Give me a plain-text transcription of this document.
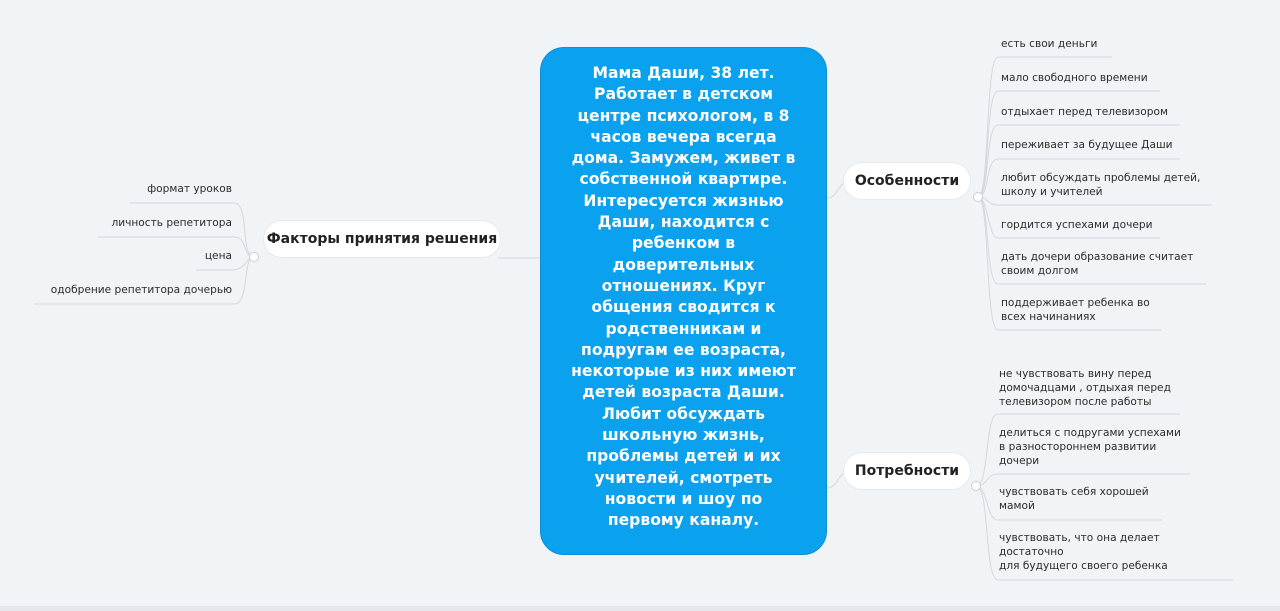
Мама Даши, 38 лет.
Работает в детском
центре психологом, в 8
часов вечера всегда
дома. Замужем, живет в
собственной квартире.
Интересуется жизнью
Даши, находится с
ребенком в
доверительных
отношениях. Круг
общения сводится к
родственникам и
подругам ее возраста,
некоторые из них имеют
детей возраста Даши.
Любит обсуждать
школьную жизнь,
проблемы детей и их
учителей, смотреть
новости и шоу по
первому каналу.
Факторы принятия решения
Особенности
Потребности
формат уроков
личность репетитора
цена
одобрение репетитора дочерью
есть свои деньги
мало свободного времени
отдыхает перед телевизором
переживает за будущее Даши
любит обсуждать проблемы детей,
школу и учителей
гордится успехами дочери
дать дочери образование считает
своим долгом
поддерживает ребенка во
всех начинаниях
не чувствовать вину перед
домочадцами , отдыхая перед
телевизором после работы
делиться с подругами успехами
в разностороннем развитии
дочери
чувствовать себя хорошей
мамой
чувствовать, что она делает
достаточно
для будущего своего ребенка
